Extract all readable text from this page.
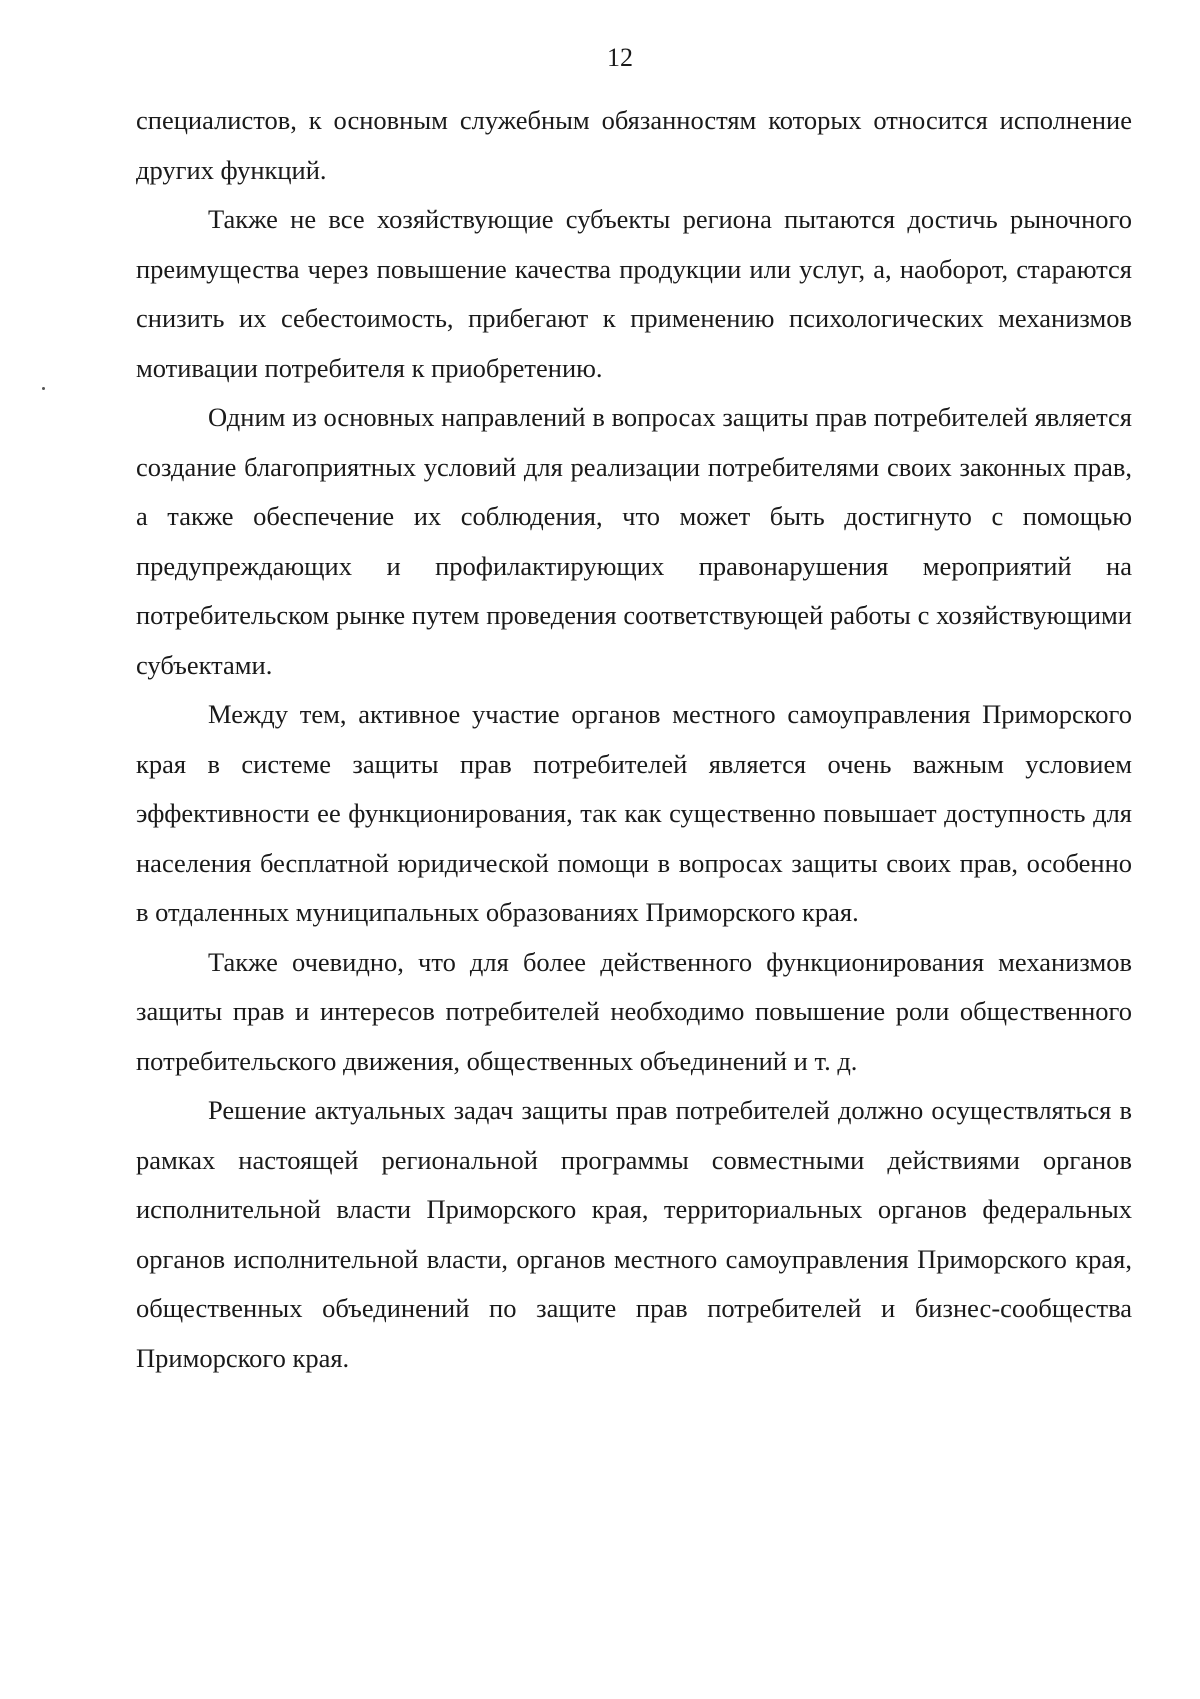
12

специалистов, к основным служебным обязанностям которых относится исполнение других функций.

Также не все хозяйствующие субъекты региона пытаются достичь рыночного преимущества через повышение качества продукции или услуг, а, наоборот, стараются снизить их себестоимость, прибегают к применению психологических механизмов мотивации потребителя к приобретению.

Одним из основных направлений в вопросах защиты прав потребителей является создание благоприятных условий для реализации потребителями своих законных прав, а также обеспечение их соблюдения, что может быть достигнуто с помощью предупреждающих и профилактирующих правонарушения мероприятий на потребительском рынке путем проведения соответствующей работы с хозяйствующими субъектами.

Между тем, активное участие органов местного самоуправления Приморского края в системе защиты прав потребителей является очень важным условием эффективности ее функционирования, так как существенно повышает доступность для населения бесплатной юридической помощи в вопросах защиты своих прав, особенно в отдаленных муниципальных образованиях Приморского края.

Также очевидно, что для более действенного функционирования механизмов защиты прав и интересов потребителей необходимо повышение роли общественного потребительского движения, общественных объединений и т. д.

Решение актуальных задач защиты прав потребителей должно осуществляться в рамках настоящей региональной программы совместными действиями органов исполнительной власти Приморского края, территориальных органов федеральных органов исполнительной власти, органов местного самоуправления Приморского края, общественных объединений по защите прав потребителей и бизнес-сообщества Приморского края.
